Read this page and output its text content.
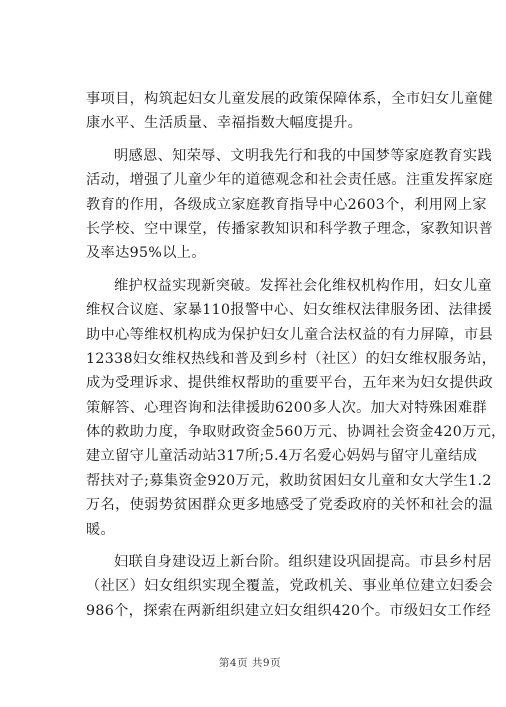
事项目，构筑起妇女儿童发展的政策保障体系，全市妇女儿童健
康水平、生活质量、幸福指数大幅度提升。
明感恩、知荣辱、文明我先行和我的中国梦等家庭教育实践
活动，增强了儿童少年的道德观念和社会责任感。注重发挥家庭
教育的作用，各级成立家庭教育指导中心2603个，利用网上家
长学校、空中课堂，传播家教知识和科学教子理念，家教知识普
及率达95%以上。
维护权益实现新突破。发挥社会化维权机构作用，妇女儿童
维权合议庭、家暴110报警中心、妇女维权法律服务团、法律援
助中心等维权机构成为保护妇女儿童合法权益的有力屏障，市县
12338妇女维权热线和普及到乡村（社区）的妇女维权服务站，
成为受理诉求、提供维权帮助的重要平台，五年来为妇女提供政
策解答、心理咨询和法律援助6200多人次。加大对特殊困难群
体的救助力度，争取财政资金560万元、协调社会资金420万元，
建立留守儿童活动站317所;5.4万名爱心妈妈与留守儿童结成
帮扶对子;募集资金920万元，救助贫困妇女儿童和女大学生1.2
万名，使弱势贫困群众更多地感受了党委政府的关怀和社会的温
暖。
妇联自身建设迈上新台阶。组织建设巩固提高。市县乡村居
（社区）妇女组织实现全覆盖，党政机关、事业单位建立妇委会
986个，探索在两新组织建立妇女组织420个。市级妇女工作经
第4页 共9页
